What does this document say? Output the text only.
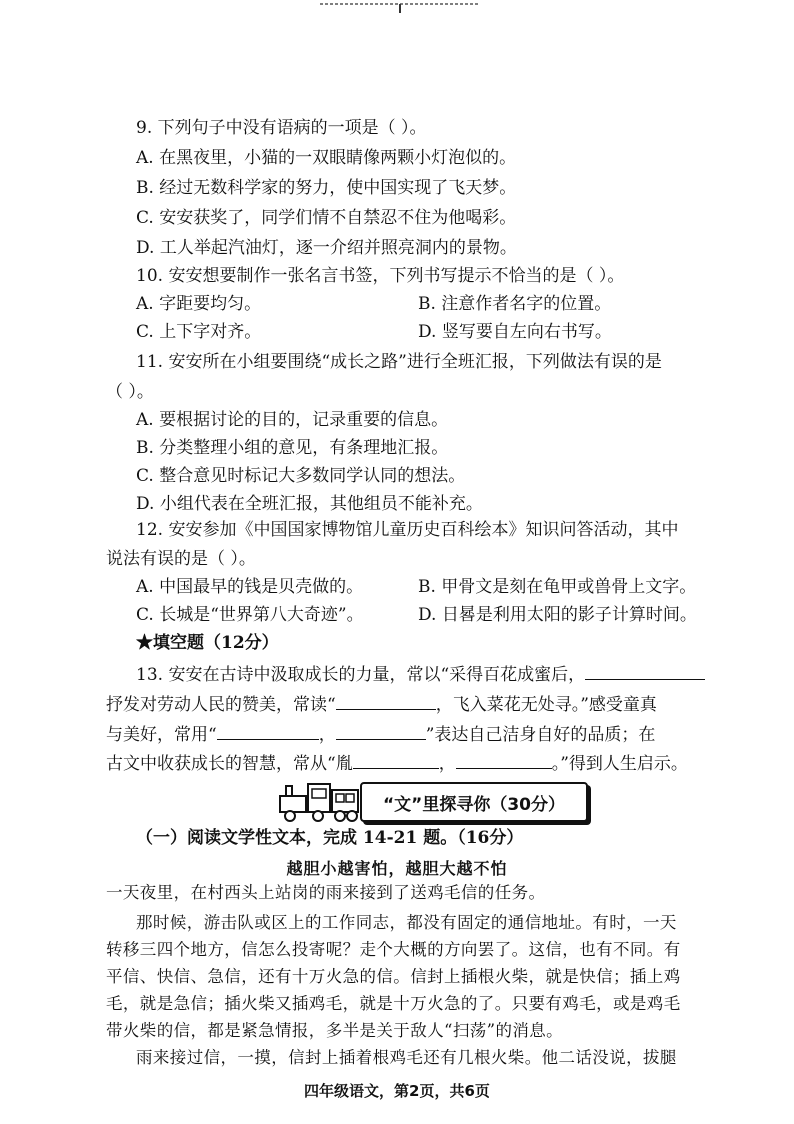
9. 下列句子中没有语病的一项是（ ）。
A. 在黑夜里，小猫的一双眼睛像两颗小灯泡似的。
B. 经过无数科学家的努力，使中国实现了飞天梦。
C. 安安获奖了，同学们情不自禁忍不住为他喝彩。
D. 工人举起汽油灯，逐一介绍并照亮洞内的景物。
10. 安安想要制作一张名言书签，下列书写提示不恰当的是（ ）。
A. 字距要均匀。	B. 注意作者名字的位置。
C. 上下字对齐。	D. 竖写要自左向右书写。
11. 安安所在小组要围绕“成长之路”进行全班汇报，下列做法有误的是
（ ）。
A. 要根据讨论的目的，记录重要的信息。
B. 分类整理小组的意见，有条理地汇报。
C. 整合意见时标记大多数同学认同的想法。
D. 小组代表在全班汇报，其他组员不能补充。
12. 安安参加《中国国家博物馆儿童历史百科绘本》知识问答活动，其中
说法有误的是（ ）。
A. 中国最早的钱是贝壳做的。	B. 甲骨文是刻在龟甲或兽骨上文字。
C. 长城是“世界第八大奇迹”。	D. 日晷是利用太阳的影子计算时间。
★填空题（12分）
13. 安安在古诗中汲取成长的力量，常以“采得百花成蜜后，
抒发对劳动人民的赞美，常读“	，飞入菜花无处寻。”感受童真
与美好，常用“	，	”表达自己洁身自好的品质；在
古文中收获成长的智慧，常从“胤	，	。”得到人生启示。
“文”里探寻你（30分）
（一）阅读文学性文本，完成 14-21 题。（16分）
越胆小越害怕，越胆大越不怕
一天夜里，在村西头上站岗的雨来接到了送鸡毛信的任务。
那时候，游击队或区上的工作同志，都没有固定的通信地址。有时，一天
转移三四个地方，信怎么投寄呢？走个大概的方向罢了。这信，也有不同。有
平信、快信、急信，还有十万火急的信。信封上插根火柴，就是快信；插上鸡
毛，就是急信；插火柴又插鸡毛，就是十万火急的了。只要有鸡毛，或是鸡毛
带火柴的信，都是紧急情报，多半是关于敌人“扫荡”的消息。
雨来接过信，一摸，信封上插着根鸡毛还有几根火柴。他二话没说，拔腿
四年级语文，第2页，共6页
